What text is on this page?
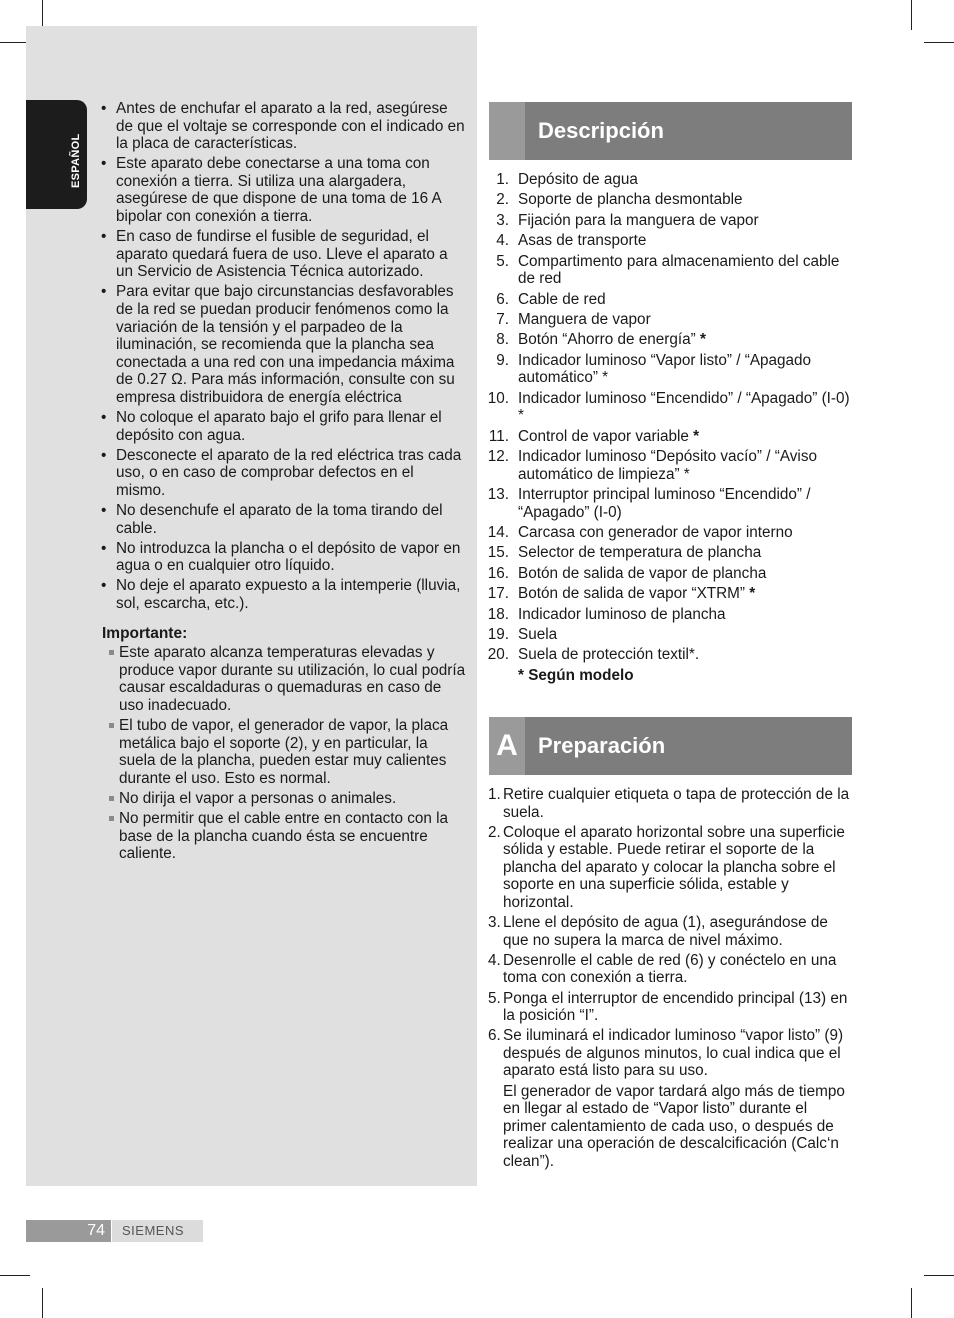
ESPAÑOL
• Antes de enchufar el aparato a la red, asegúrese de que el voltaje se corresponde con el indicado en la placa de características.
• Este aparato debe conectarse a una toma con conexión a tierra. Si utiliza una alargadera, asegúrese de que dispone de una toma de 16 A bipolar con conexión a tierra.
• En caso de fundirse el fusible de seguridad, el aparato quedará fuera de uso. Lleve el aparato a un Servicio de Asistencia Técnica autorizado.
• Para evitar que bajo circunstancias desfavorables de la red se puedan producir fenómenos como la variación de la tensión y el parpadeo de la iluminación, se recomienda que la plancha sea conectada a una red con una impedancia máxima de 0.27 Ω. Para más información, consulte con su empresa distribuidora de energía eléctrica
• No coloque el aparato bajo el grifo para llenar el depósito con agua.
• Desconecte el aparato de la red eléctrica tras cada uso, o en caso de comprobar defectos en el mismo.
• No desenchufe el aparato de la toma tirando del cable.
• No introduzca la plancha o el depósito de vapor en agua o en cualquier otro líquido.
• No deje el aparato expuesto a la intemperie (lluvia, sol, escarcha, etc.).
Importante:
Este aparato alcanza temperaturas elevadas y produce vapor durante su utilización, lo cual podría causar escaldaduras o quemaduras en caso de uso inadecuado.
El tubo de vapor, el generador de vapor, la placa metálica bajo el soporte (2), y en particular, la suela de la plancha, pueden estar muy calientes durante el uso. Esto es normal.
No dirija el vapor a personas o animales.
No permitir que el cable entre en contacto con la base de la plancha cuando ésta se encuentre caliente.
Descripción
1. Depósito de agua
2. Soporte de plancha desmontable
3. Fijación para la manguera de vapor
4. Asas de transporte
5. Compartimento para almacenamiento del cable de red
6. Cable de red
7. Manguera de vapor
8. Botón “Ahorro de energía” *
9. Indicador luminoso “Vapor listo” / “Apagado automático” *
10. Indicador luminoso “Encendido” / “Apagado” (I-0) *
11. Control de vapor variable *
12. Indicador luminoso “Depósito vacío” / “Aviso automático de limpieza” *
13. Interruptor principal luminoso “Encendido” / “Apagado” (I-0)
14. Carcasa con generador de vapor interno
15. Selector de temperatura de plancha
16. Botón de salida de vapor de plancha
17. Botón de salida de vapor “XTRM” *
18. Indicador luminoso de plancha
19. Suela
20. Suela de protección textil*.
* Según modelo
A Preparación
1. Retire cualquier etiqueta o tapa de protección de la suela.
2. Coloque el aparato horizontal sobre una superficie sólida y estable. Puede retirar el soporte de la plancha del aparato y colocar la plancha sobre el soporte en una superficie sólida, estable y horizontal.
3. Llene el depósito de agua (1), asegurándose de que no supera la marca de nivel máximo.
4. Desenrolle el cable de red (6) y conéctelo en una toma con conexión a tierra.
5. Ponga el interruptor de encendido principal (13) en la posición “I”.
6. Se iluminará el indicador luminoso “vapor listo” (9) después de algunos minutos, lo cual indica que el aparato está listo para su uso.
El generador de vapor tardará algo más de tiempo en llegar al estado de “Vapor listo” durante el primer calentamiento de cada uso, o después de realizar una operación de descalcificación (Calc‘n clean”).
74	SIEMENS
